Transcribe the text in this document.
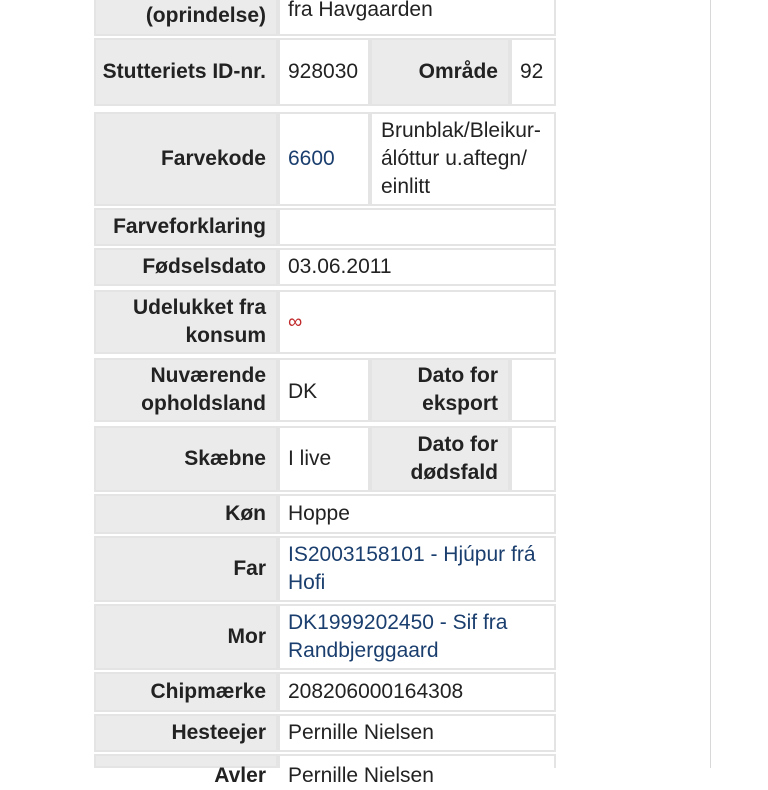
(oprindelse) fra Havgaarden
Stutteriets ID-nr. 928030	Område 92
Farvekode 6600
Brunblak/Bleikur-álóttur u.aftegn/ einlitt
Farveforklaring
Fødselsdato 03.06.2011
Udelukket fra konsum
∞
Nuværende opholdsland
DK
Dato for eksport
Skæbne I live
Dato for dødsfald
Køn Hoppe
Far
IS2003158101 - Hjúpur frá Hofi
Mor
DK1999202450 - Sif fra Randbjerggaard
Chipmærke 208206000164308
Hesteejer Pernille Nielsen
Avler Pernille Nielsen
